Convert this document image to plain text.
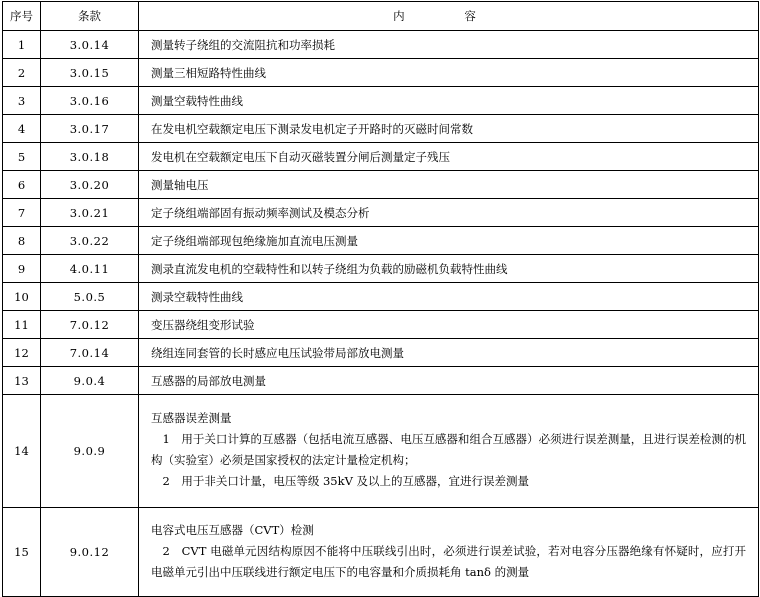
序号	条款	内 容
1	3.0.14	测量转子绕组的交流阻抗和功率损耗
2	3.0.15	测量三相短路特性曲线
3	3.0.16	测量空载特性曲线
4	3.0.17	在发电机空载额定电压下测录发电机定子开路时的灭磁时间常数
5	3.0.18	发电机在空载额定电压下自动灭磁装置分闸后测量定子残压
6	3.0.20	测量轴电压
7	3.0.21	定子绕组端部固有振动频率测试及模态分析
8	3.0.22	定子绕组端部现包绝缘施加直流电压测量
9	4.0.11	测录直流发电机的空载特性和以转子绕组为负载的励磁机负载特性曲线
10	5.0.5	测录空载特性曲线
11	7.0.12	变压器绕组变形试验
12	7.0.14	绕组连同套管的长时感应电压试验带局部放电测量
13	9.0.4	互感器的局部放电测量
14	9.0.9	互感器误差测量
1　用于关口计算的互感器（包括电流互感器、电压互感器和组合互感器）必须进行误差测量，且进行误差检测的机构（实验室）必须是国家授权的法定计量检定机构；
2　用于非关口计量，电压等级 35kV 及以上的互感器，宜进行误差测量

15	9.0.12	电容式电压互感器（CVT）检测
2　CVT 电磁单元因结构原因不能将中压联线引出时，必须进行误差试验，若对电容分压器绝缘有怀疑时，应打开电磁单元引出中压联线进行额定电压下的电容量和介质损耗角 tanδ 的测量
